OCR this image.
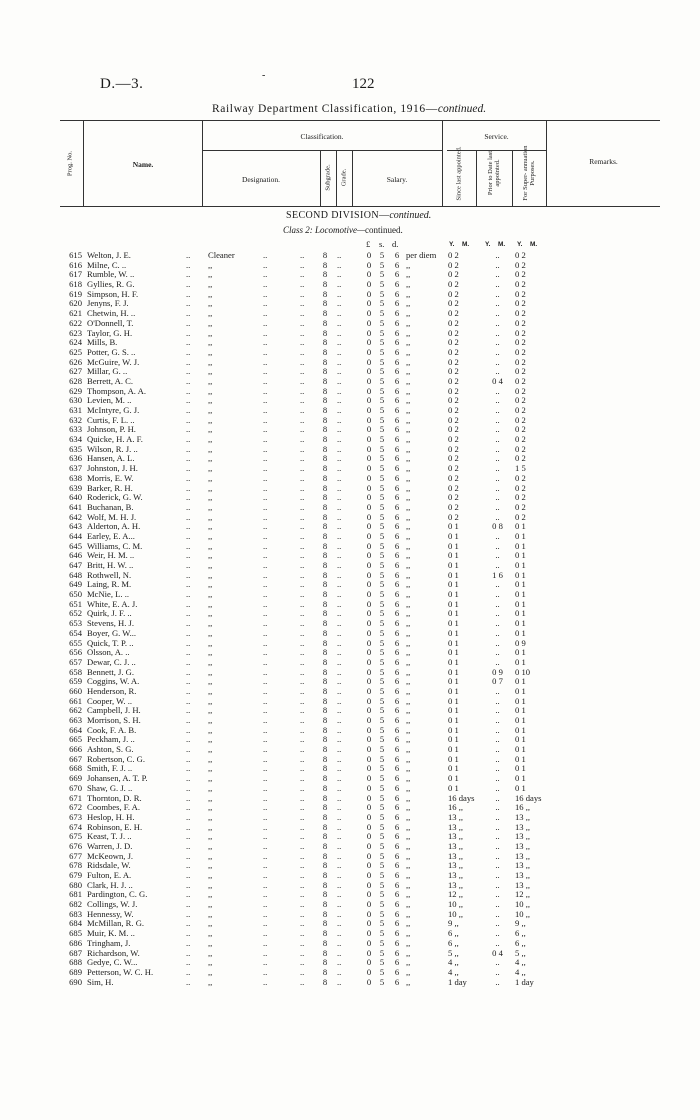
D.—3.
-
122
Railway Department Classification, 1916—continued.
Prog. No.	Name.
Classification.
Designation.	Subgrade. Grade.	Salary.
Service.
Since last appointed.	Prior to Date last appointed.	For Super- annuation Purposes.	Remarks.
SECOND DIVISION—continued.
Class 2: Locomotive—continued.
£ s. d.	Y. M. Y. M. Y. M.
615 Welton, J. E.	.. Cleaner	..	..	8	..	0 5	6 per diem 0 2	..	0 2
616 Milne, C. ..	.. ,,	..	..	8	..	0 5	6 ,,	0 2	..	0 2
617 Rumble, W. ..	.. ,,	..	..	8	..	0 5	6 ,,	0 2	..	0 2
618 Gyllies, R. G.	.. ,,	..	..	8	..	0 5	6 ,,	0 2	..	0 2
619 Simpson, H. F.	.. ,,	..	..	8	..	0 5	6 ,,	0 2	..	0 2
620 Jenyns, F. J.	.. ,,	..	..	8	..	0 5	6 ,,	0 2	..	0 2
621 Chetwin, H. ..	.. ,,	..	..	8	..	0 5	6 ,,	0 2	..	0 2
622 O'Donnell, T.	.. ,,	..	..	8	..	0 5	6 ,,	0 2	..	0 2
623 Taylor, G. H.	.. ,,	..	..	8	..	0 5	6 ,,	0 2	..	0 2
624 Mills, B.	.. ,,	..	..	8	..	0 5	6 ,,	0 2	..	0 2
625 Potter, G. S. ..	.. ,,	..	..	8	..	0 5	6 ,,	0 2	..	0 2
626 McGuire, W. J.	.. ,,	..	..	8	..	0 5	6 ,,	0 2	..	0 2
627 Millar, G. ..	.. ,,	..	..	8	..	0 5	6 ,,	0 2	..	0 2
628 Berrett, A. C.	.. ,,	..	..	8	..	0 5	6 ,,	0 2	0 4	0 2
629 Thompson, A. A.	.. ,,	..	..	8	..	0 5	6 ,,	0 2	..	0 2
630 Levien, M. ..	.. ,,	..	..	8	..	0 5	6 ,,	0 2	..	0 2
631 McIntyre, G. J.	.. ,,	..	..	8	..	0 5	6 ,,	0 2	..	0 2
632 Curtis, F. L. ..	.. ,,	..	..	8	..	0 5	6 ,,	0 2	..	0 2
633 Johnson, P. H.	.. ,,	..	..	8	..	0 5	6 ,,	0 2	..	0 2
634 Quicke, H. A. F.	.. ,,	..	..	8	..	0 5	6 ,,	0 2	..	0 2
635 Wilson, R. J. ..	.. ,,	..	..	8	..	0 5	6 ,,	0 2	..	0 2
636 Hansen, A. L.	.. ,,	..	..	8	..	0 5	6 ,,	0 2	..	0 2
637 Johnston, J. H.	.. ,,	..	..	8	..	0 5	6 ,,	0 2	..	1 5
638 Morris, E. W.	.. ,,	..	..	8	..	0 5	6 ,,	0 2	..	0 2
639 Barker, R. H.	.. ,,	..	..	8	..	0 5	6 ,,	0 2	..	0 2
640 Roderick, G. W.	.. ,,	..	..	8	..	0 5	6 ,,	0 2	..	0 2
641 Buchanan, B.	.. ,,	..	..	8	..	0 5	6 ,,	0 2	..	0 2
642 Wolf, M. H. J.	.. ,,	..	..	8	..	0 5	6 ,,	0 2	..	0 2
643 Alderton, A. H.	.. ,,	..	..	8	..	0 5	6 ,,	0 1	0 8	0 1
644 Earley, E. A...	.. ,,	..	..	8	..	0 5	6 ,,	0 1	..	0 1
645 Williams, C. M.	.. ,,	..	..	8	..	0 5	6 ,,	0 1	..	0 1
646 Weir, H. M. ..	.. ,,	..	..	8	..	0 5	6 ,,	0 1	..	0 1
647 Britt, H. W. ..	.. ,,	..	..	8	..	0 5	6 ,,	0 1	..	0 1
648 Rothwell, N.	.. ,,	..	..	8	..	0 5	6 ,,	0 1	1 6	0 1
649 Laing, R. M.	.. ,,	..	..	8	..	0 5	6 ,,	0 1	..	0 1
650 McNie, L. ..	.. ,,	..	..	8	..	0 5	6 ,,	0 1	..	0 1
651 White, E. A. J.	.. ,,	..	..	8	..	0 5	6 ,,	0 1	..	0 1
652 Quirk, J. F. ..	.. ,,	..	..	8	..	0 5	6 ,,	0 1	..	0 1
653 Stevens, H. J.	.. ,,	..	..	8	..	0 5	6 ,,	0 1	..	0 1
654 Boyer, G. W...	.. ,,	..	..	8	..	0 5	6 ,,	0 1	..	0 1
655 Quick, T. P. ..	.. ,,	..	..	8	..	0 5	6 ,,	0 1	..	0 9
656 Olsson, A. ..	.. ,,	..	..	8	..	0 5	6 ,,	0 1	..	0 1
657 Dewar, C. J. ..	.. ,,	..	..	8	..	0 5	6 ,,	0 1	..	0 1
658 Bennett, J. G.	.. ,,	..	..	8	..	0 5	6 ,,	0 1	0 9	0 10
659 Coggins, W. A.	.. ,,	..	..	8	..	0 5	6 ,,	0 1	0 7	0 1
660 Henderson, R.	.. ,,	..	..	8	..	0 5	6 ,,	0 1	..	0 1
661 Cooper, W. ..	.. ,,	..	..	8	..	0 5	6 ,,	0 1	..	0 1
662 Campbell, J. H.	.. ,,	..	..	8	..	0 5	6 ,,	0 1	..	0 1
663 Morrison, S. H.	.. ,,	..	..	8	..	0 5	6 ,,	0 1	..	0 1
664 Cook, F. A. B.	.. ,,	..	..	8	..	0 5	6 ,,	0 1	..	0 1
665 Peckham, J. ..	.. ,,	..	..	8	..	0 5	6 ,,	0 1	..	0 1
666 Ashton, S. G.	.. ,,	..	..	8	..	0 5	6 ,,	0 1	..	0 1
667 Robertson, C. G.	.. ,,	..	..	8	..	0 5	6 ,,	0 1	..	0 1
668 Smith, F. J. ..	.. ,,	..	..	8	..	0 5	6 ,,	0 1	..	0 1
669 Johansen, A. T. P.	.. ,,	..	..	8	..	0 5	6 ,,	0 1	..	0 1
670 Shaw, G. J. ..	.. ,,	..	..	8	..	0 5	6 ,,	0 1	..	0 1
671 Thornton, D. R.	.. ,,	..	..	8	..	0 5	6 ,,	16 days	..	16 days
672 Coombes, F. A.	.. ,,	..	..	8	..	0 5	6 ,,	16 ,,	..	16 ,,
673 Heslop, H. H.	.. ,,	..	..	8	..	0 5	6 ,,	13 ,,	..	13 ,,
674 Robinson, E. H.	.. ,,	..	..	8	..	0 5	6 ,,	13 ,,	..	13 ,,
675 Keast, T. J. ..	.. ,,	..	..	8	..	0 5	6 ,,	13 ,,	..	13 ,,
676 Warren, J. D.	.. ,,	..	..	8	..	0 5	6 ,,	13 ,,	..	13 ,,
677 McKeown, J.	.. ,,	..	..	8	..	0 5	6 ,,	13 ,,	..	13 ,,
678 Ridsdale, W.	.. ,,	..	..	8	..	0 5	6 ,,	13 ,,	..	13 ,,
679 Fulton, E. A.	.. ,,	..	..	8	..	0 5	6 ,,	13 ,,	..	13 ,,
680 Clark, H. J. ..	.. ,,	..	..	8	..	0 5	6 ,,	13 ,,	..	13 ,,
681 Pardington, C. G.	.. ,,	..	..	8	..	0 5	6 ,,	12 ,,	..	12 ,,
682 Collings, W. J.	.. ,,	..	..	8	..	0 5	6 ,,	10 ,,	..	10 ,,
683 Hennessy, W.	.. ,,	..	..	8	..	0 5	6 ,,	10 ,,	..	10 ,,
684 McMillan, R. G.	.. ,,	..	..	8	..	0 5	6 ,,	9 ,,	..	9 ,,
685 Muir, K. M. ..	.. ,,	..	..	8	..	0 5	6 ,,	6 ,,	..	6 ,,
686 Tringham, J.	.. ,,	..	..	8	..	0 5	6 ,,	6 ,,	..	6 ,,
687 Richardson, W.	.. ,,	..	..	8	..	0 5	6 ,,	5 ,,	0 4	5 ,,
688 Gedye, C. W...	.. ,,	..	..	8	..	0 5	6 ,,	4 ,,	..	4 ,,
689 Petterson, W. C. H.	.. ,,	..	..	8	..	0 5	6 ,,	4 ,,	..	4 ,,
690 Sim, H.	.. ,,	..	..	8	..	0 5	6 ,,	1 day	..	1 day
